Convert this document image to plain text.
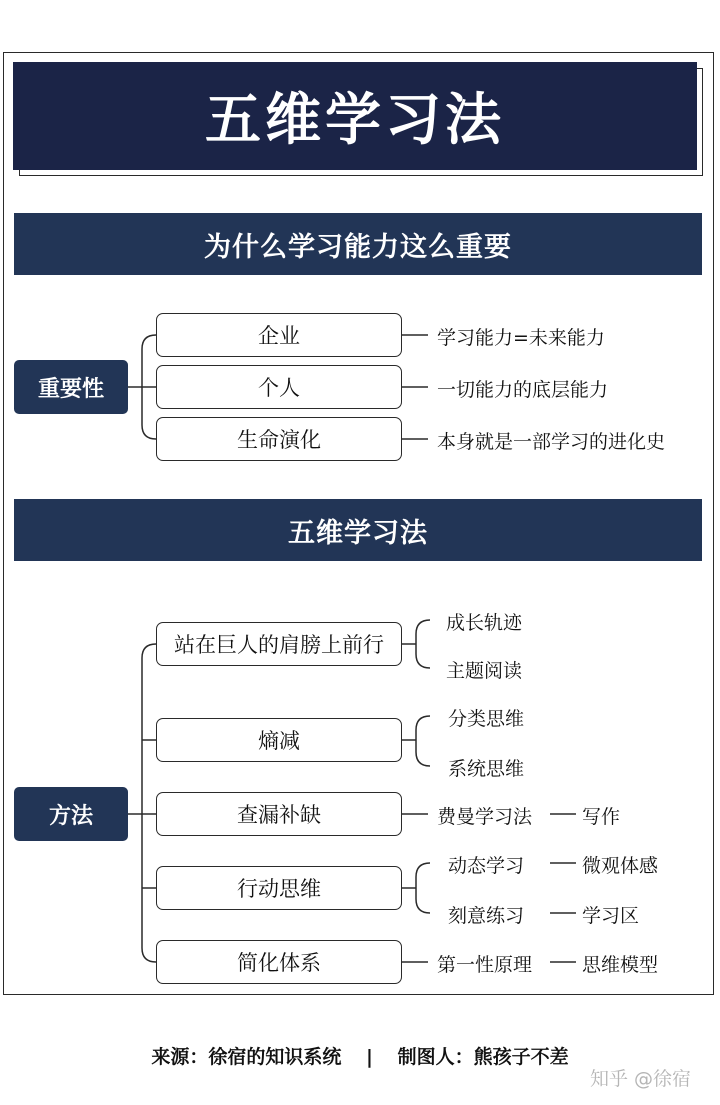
五维学习法
为什么学习能力这么重要
重要性
企业
个人
生命演化
学习能力=未来能力
一切能力的底层能力
本身就是一部学习的进化史
五维学习法
方法
站在巨人的肩膀上前行
熵减
查漏补缺
行动思维
简化体系
成长轨迹
主题阅读
分类思维
系统思维
费曼学习法	写作
动态学习	微观体感
刻意练习	学习区
第一性原理	思维模型
来源：徐宿的知识系统 | 制图人：熊孩子不差
知乎 @徐宿
